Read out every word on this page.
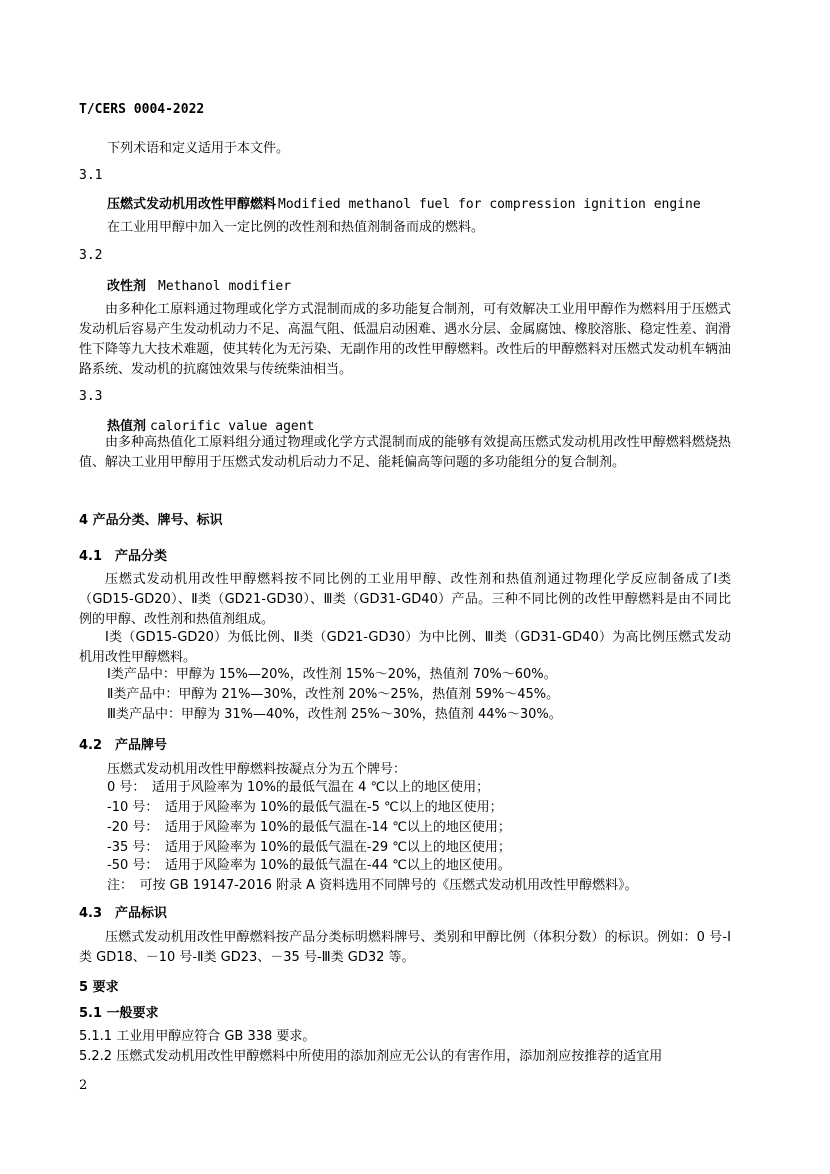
T/CERS 0004-2022
下列术语和定义适用于本文件。
3.1
压燃式发动机用改性甲醇燃料 Modified methanol fuel for compression ignition engine
在工业用甲醇中加入一定比例的改性剂和热值剂制备而成的燃料。
3.2
改性剂 Methanol modifier
由多种化工原料通过物理或化学方式混制而成的多功能复合制剂，可有效解决工业用甲醇作为燃料用于压燃式发动机后容易产生发动机动力不足、高温气阻、低温启动困难、遇水分层、金属腐蚀、橡胶溶胀、稳定性差、润滑性下降等九大技术难题，使其转化为无污染、无副作用的改性甲醇燃料。改性后的甲醇燃料对压燃式发动机车辆油路系统、发动机的抗腐蚀效果与传统柴油相当。
3.3
热值剂 calorific value agent
由多种高热值化工原料组分通过物理或化学方式混制而成的能够有效提高压燃式发动机用改性甲醇燃料燃烧热值、解决工业用甲醇用于压燃式发动机后动力不足、能耗偏高等问题的多功能组分的复合制剂。
4 产品分类、牌号、标识
4.1　产品分类
压燃式发动机用改性甲醇燃料按不同比例的工业用甲醇、改性剂和热值剂通过物理化学反应制备成了Ⅰ类（GD15-GD20）、Ⅱ类（GD21-GD30）、Ⅲ类（GD31-GD40）产品。三种不同比例的改性甲醇燃料是由不同比例的甲醇、改性剂和热值剂组成。
Ⅰ类（GD15-GD20）为低比例、Ⅱ类（GD21-GD30）为中比例、Ⅲ类（GD31-GD40）为高比例压燃式发动机用改性甲醇燃料。
Ⅰ类产品中：甲醇为 15%—20%，改性剂 15%～20%，热值剂 70%～60%。
Ⅱ类产品中：甲醇为 21%—30%，改性剂 20%～25%，热值剂 59%～45%。
Ⅲ类产品中：甲醇为 31%—40%，改性剂 25%～30%，热值剂 44%～30%。
4.2　产品牌号
压燃式发动机用改性甲醇燃料按凝点分为五个牌号：
0 号：　适用于风险率为 10%的最低气温在 4 ℃以上的地区使用；
-10 号：　适用于风险率为 10%的最低气温在-5 ℃以上的地区使用；
-20 号：　适用于风险率为 10%的最低气温在-14 ℃以上的地区使用；
-35 号：　适用于风险率为 10%的最低气温在-29 ℃以上的地区使用；
-50 号：　适用于风险率为 10%的最低气温在-44 ℃以上的地区使用。
注：　可按 GB 19147-2016 附录 A 资料选用不同牌号的《压燃式发动机用改性甲醇燃料》。
4.3　产品标识
压燃式发动机用改性甲醇燃料按产品分类标明燃料牌号、类别和甲醇比例（体积分数）的标识。例如：0 号-Ⅰ类 GD18、－10 号-Ⅱ类 GD23、－35 号-Ⅲ类 GD32 等。
5 要求
5.1 一般要求
5.1.1 工业用甲醇应符合 GB 338 要求。
5.2.2 压燃式发动机用改性甲醇燃料中所使用的添加剂应无公认的有害作用，添加剂应按推荐的适宜用
2
